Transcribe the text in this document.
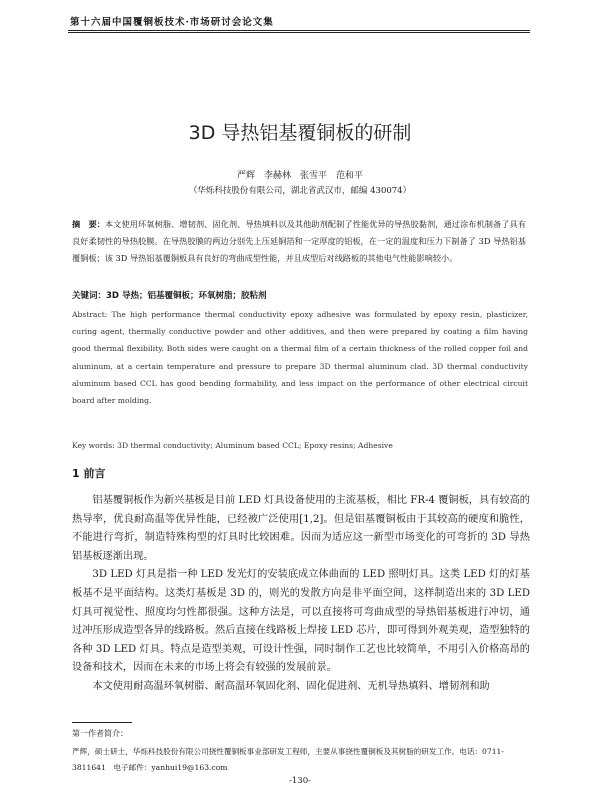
第十六届中国覆铜板技术·市场研讨会论文集
3D 导热铝基覆铜板的研制
严辉　李赫林　张雪平　范和平
（华烁科技股份有限公司，湖北省武汉市，邮编 430074）
摘　要：本文使用环氧树脂、增韧剂、固化剂、导热填料以及其他助剂配制了性能优异的导热胶黏剂，通过涂布机制备了具有良好柔韧性的导热胶膜。在导热胶膜的两边分别先上压延铜箔和一定厚度的铝板，在一定的温度和压力下制备了 3D 导热铝基覆铜板；该 3D 导热铝基覆铜板具有良好的弯曲成型性能，并且成型后对线路板的其他电气性能影响较小。
关键词：3D 导热；铝基覆铜板；环氧树脂；胶粘剂
Abstract: The high performance thermal conductivity epoxy adhesive was formulated by epoxy resin, plasticizer, curing agent, thermally conductive powder and other additives, and then were prepared by coating a film having good thermal flexibility. Both sides were caught on a thermal film of a certain thickness of the rolled copper foil and aluminum, at a certain temperature and pressure to prepare 3D thermal aluminum clad. 3D thermal conductivity aluminum based CCL has good bending formability, and less impact on the performance of other electrical circuit board after molding.
Key words: 3D thermal conductivity; Aluminum based CCL; Epoxy resins; Adhesive
1 前言

铝基覆铜板作为新兴基板是目前 LED 灯具设备使用的主流基板，相比 FR-4 覆铜板，具有较高的热导率，优良耐高温等优异性能，已经被广泛使用[1,2]。但是铝基覆铜板由于其较高的硬度和脆性，不能进行弯折，制造特殊构型的灯具时比较困难。因而为适应这一新型市场变化的可弯折的 3D 导热铝基板逐渐出现。

3D LED 灯具是指一种 LED 发光灯的安装底成立体曲面的 LED 照明灯具。这类 LED 灯的灯基板基不是平面结构。这类灯基板是 3D 的，则光的发散方向是非平面空间，这样制造出来的 3D LED 灯具可视觉性、照度均匀性都很强。这种方法是，可以直接将可弯曲成型的导热铝基板进行冲切，通过冲压形成造型各异的线路板。然后直接在线路板上焊接 LED 芯片，即可得到外观美观，造型独特的各种 3D LED 灯具。特点是造型美观，可设计性强，同时制作工艺也比较简单，不用引入价格高昂的设备和技术，因而在未来的市场上将会有较强的发展前景。

本文使用耐高温环氧树脂、耐高温环氧固化剂、固化促进剂、无机导热填料、增韧剂和助

第一作者简介：
严辉，硕士研士，华烁科技股份有限公司挠性覆铜板事业部研发工程师，主要从事挠性覆铜板及其树脂的研发工作。电话：0711-3811641　电子邮件：yanhui19@163.com
-130-
